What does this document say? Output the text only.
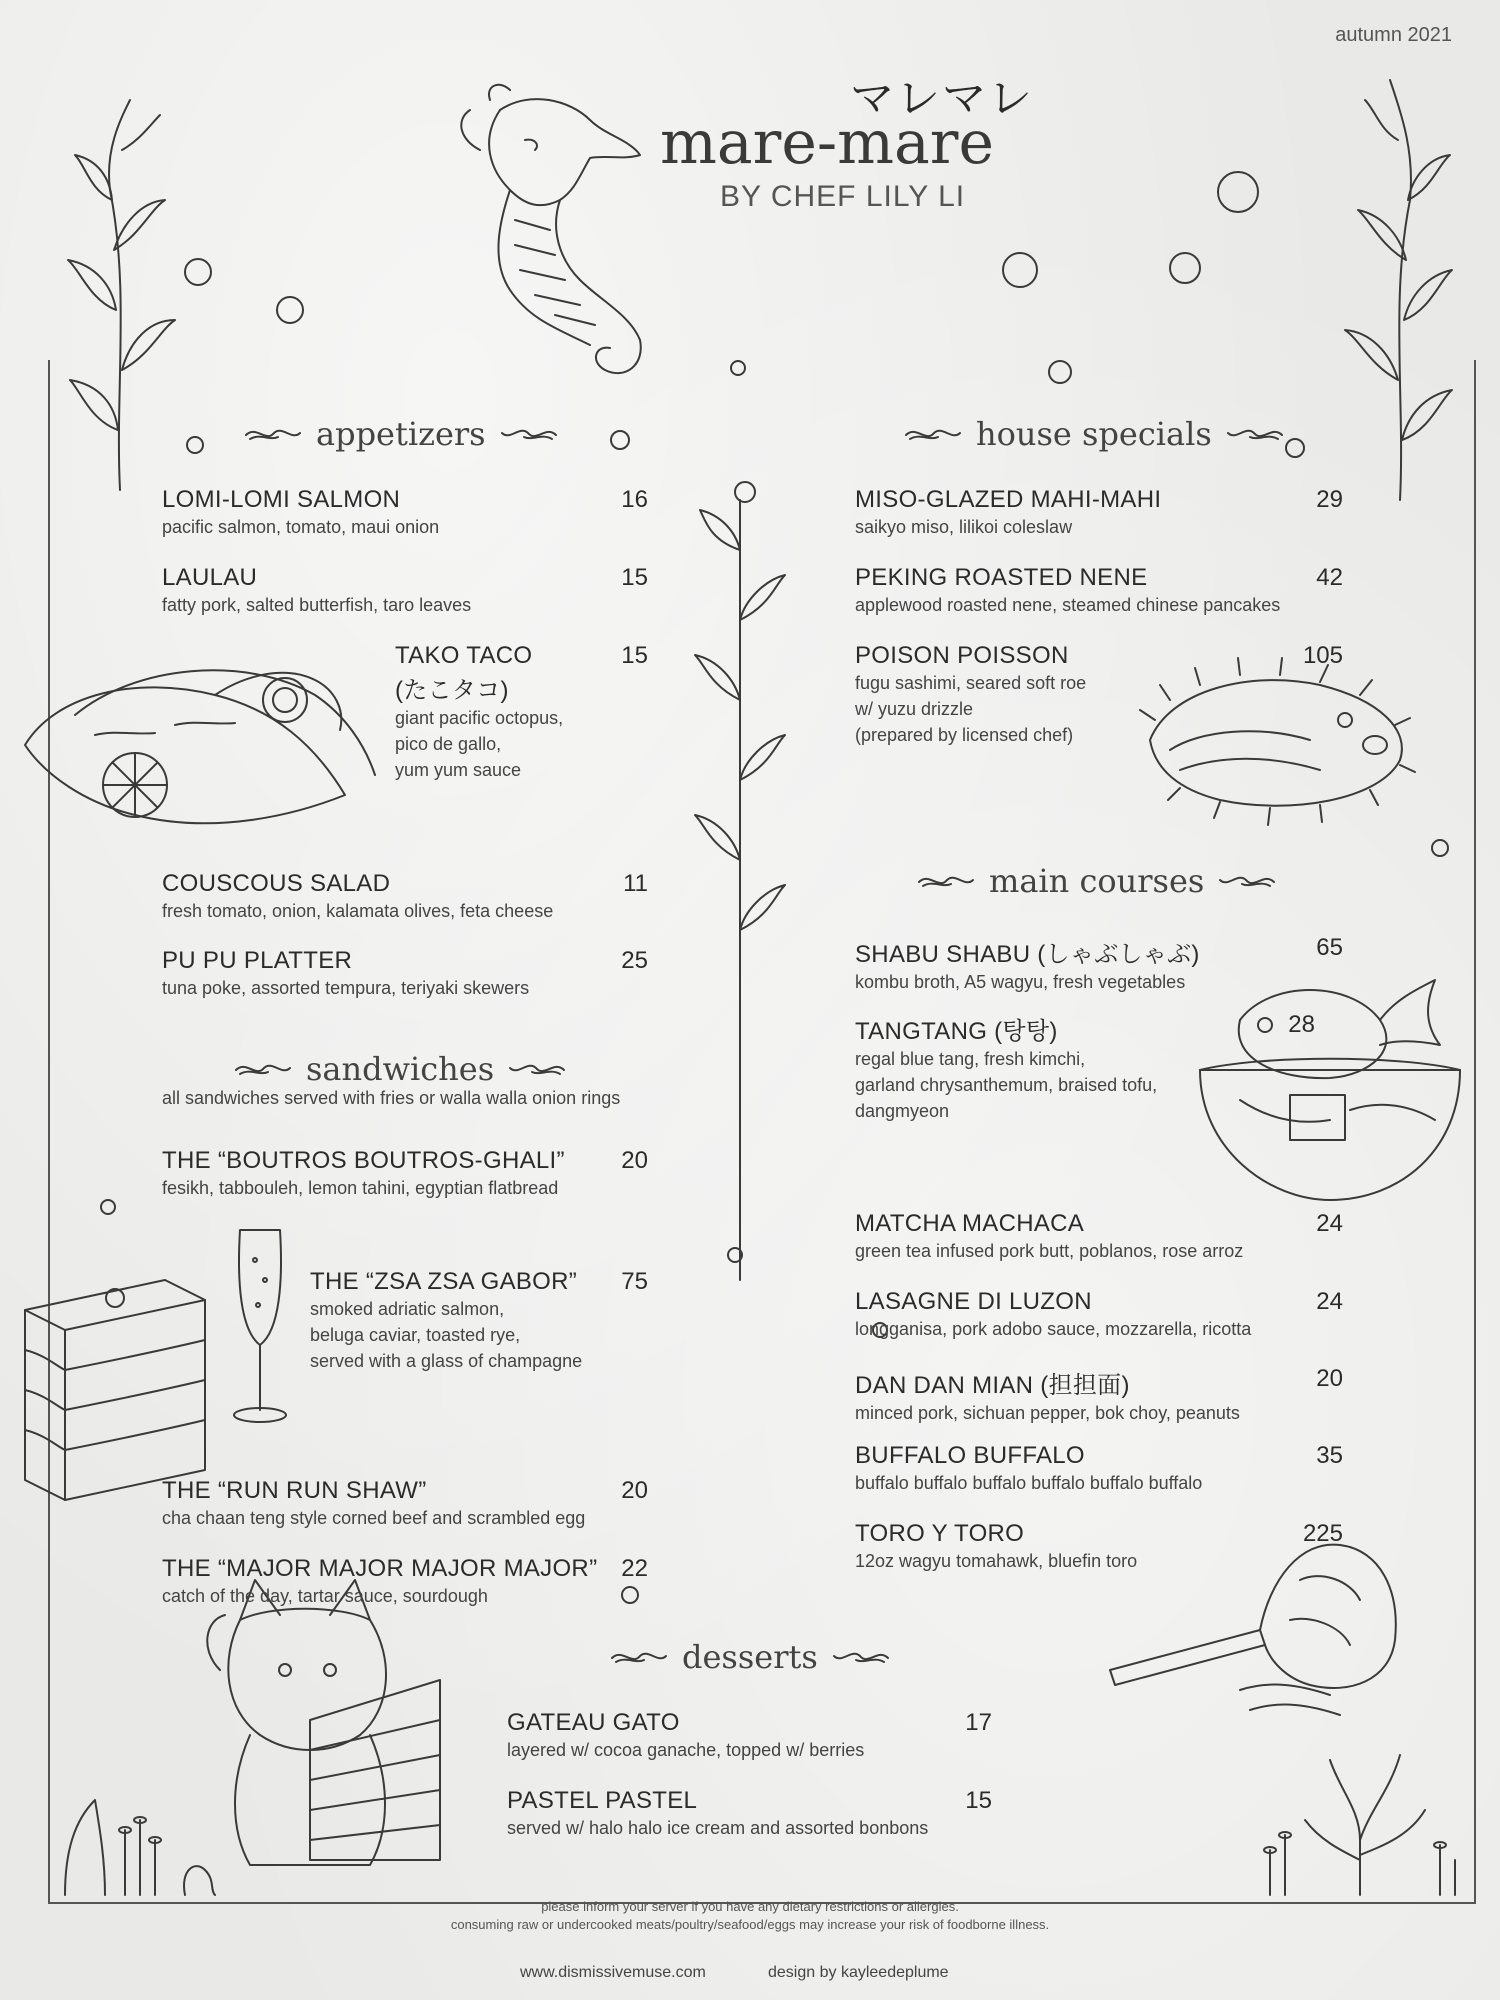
autumn 2021
マレマレ
mare-mare
BY CHEF LILY LI
appetizers
LOMI-LOMI SALMON
pacific salmon, tomato, maui onion
16
LAULAU
fatty pork, salted butterfish, taro leaves
15
TAKO TACO
(たこタコ)
giant pacific octopus,
pico de gallo,
yum yum sauce
15
COUSCOUS SALAD
fresh tomato, onion, kalamata olives, feta cheese
11
PU PU PLATTER
tuna poke, assorted tempura, teriyaki skewers
25
sandwiches
all sandwiches served with fries or walla walla onion rings
THE “BOUTROS BOUTROS-GHALI”
fesikh, tabbouleh, lemon tahini, egyptian flatbread
20
THE “ZSA ZSA GABOR”
smoked adriatic salmon,
beluga caviar, toasted rye,
served with a glass of champagne
75
THE “RUN RUN SHAW”
cha chaan teng style corned beef and scrambled egg
20
THE “MAJOR MAJOR MAJOR MAJOR”
catch of the day, tartar sauce, sourdough
22
house specials
MISO-GLAZED MAHI-MAHI
saikyo miso, lilikoi coleslaw
29
PEKING ROASTED NENE
applewood roasted nene, steamed chinese pancakes
42
POISON POISSON
fugu sashimi, seared soft roe
w/ yuzu drizzle
(prepared by licensed chef)
105
main courses
SHABU SHABU (しゃぶしゃぶ)
kombu broth, A5 wagyu, fresh vegetables
65
TANGTANG (탕탕)
regal blue tang, fresh kimchi,
garland chrysanthemum, braised tofu,
dangmyeon
28
MATCHA MACHACA
green tea infused pork butt, poblanos, rose arroz
24
LASAGNE DI LUZON
longganisa, pork adobo sauce, mozzarella, ricotta
24
DAN DAN MIAN (担担面)
minced pork, sichuan pepper, bok choy, peanuts
20
BUFFALO BUFFALO
buffalo buffalo buffalo buffalo buffalo buffalo
35
TORO Y TORO
12oz wagyu tomahawk, bluefin toro
225
desserts
GATEAU GATO
layered w/ cocoa ganache, topped w/ berries
17
PASTEL PASTEL
served w/ halo halo ice cream and assorted bonbons
15
please inform your server if you have any dietary restrictions or allergies.
consuming raw or undercooked meats/poultry/seafood/eggs may increase your risk of foodborne illness.
www.dismissivemuse.com	design by kayleedeplume
